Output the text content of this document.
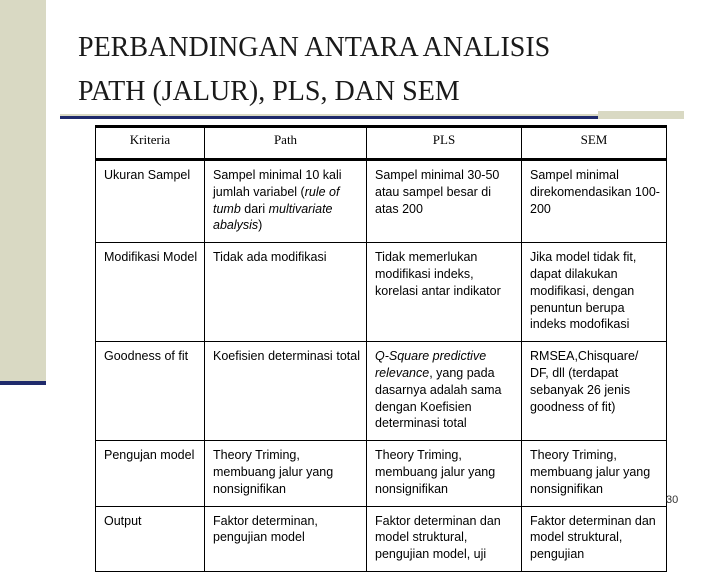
PERBANDINGAN ANTARA ANALISIS
PATH (JALUR), PLS, DAN SEM
Kriteria	Path	PLS	SEM
Ukuran Sampel	Sampel minimal 10 kali jumlah variabel (rule of tumb dari multivariate abalysis)	Sampel minimal 30-50 atau sampel besar di atas 200	Sampel minimal direkomendasikan 100-200
Modifikasi Model	Tidak ada modifikasi	Tidak memerlukan modifikasi indeks, korelasi antar indikator	Jika model tidak fit, dapat dilakukan modifikasi, dengan penuntun berupa indeks modofikasi
Goodness of fit	Koefisien determinasi total	Q-Square predictive relevance, yang pada dasarnya adalah sama dengan Koefisien determinasi total	RMSEA,Chisquare/ DF, dll (terdapat sebanyak 26 jenis goodness of fit)
Pengujan model	Theory Triming, membuang jalur yang nonsignifikan	Theory Triming, membuang jalur yang nonsignifikan	Theory Triming, membuang jalur yang nonsignifikan
Output	Faktor determinan, pengujian model	Faktor determinan dan model struktural, pengujian model, uji	Faktor determinan dan model struktural, pengujian
30
